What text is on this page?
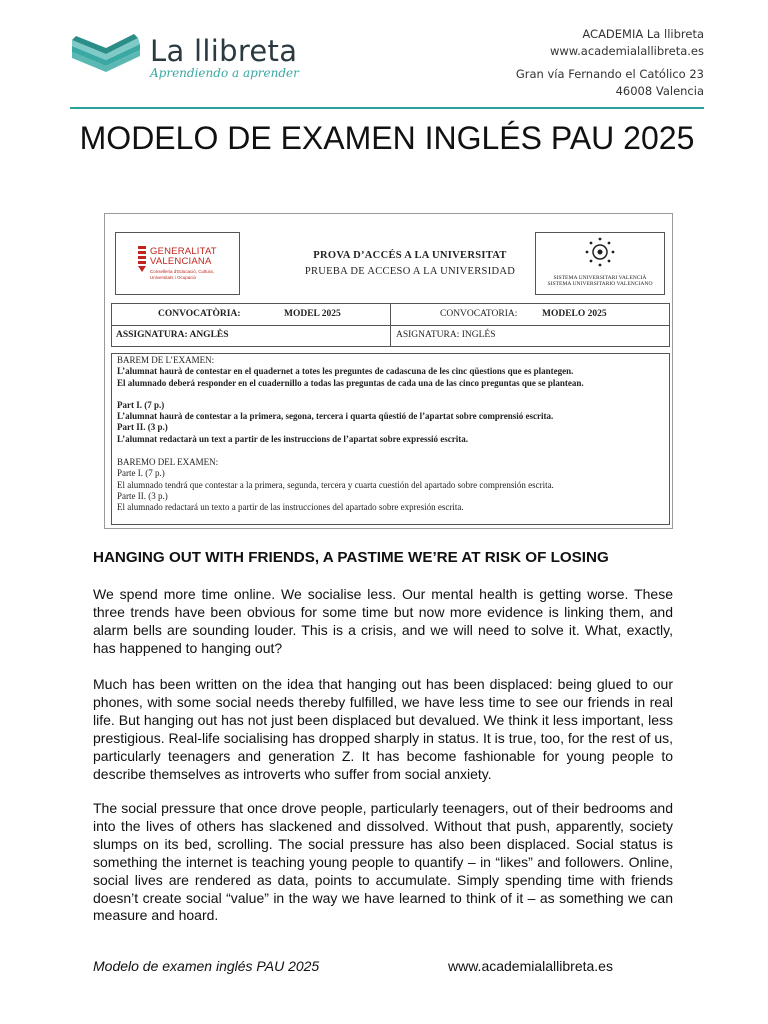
La llibreta
Aprendiendo a aprender
ACADEMIA La llibreta
www.academialallibreta.es
Gran vía Fernando el Católico 23
46008 Valencia
MODELO DE EXAMEN INGLÉS PAU 2025
GENERALITAT
VALENCIANA
Conselleria d’Educació, Cultura, Universitats i Ocupació
PROVA D’ACCÉS A LA UNIVERSITAT
PRUEBA DE ACCESO A LA UNIVERSIDAD
SISTEMA UNIVERSITARI VALENCIÀ
SISTEMA UNIVERSITARIO VALENCIANO
CONVOCATÒRIA:	MODEL 2025	CONVOCATORIA:	MODELO 2025
ASSIGNATURA: ANGLÈS	ASIGNATURA: INGLÉS
BAREM DE L’EXAMEN:
L’alumnat haurà de contestar en el quadernet a totes les preguntes de cadascuna de les cinc qüestions que es plantegen.
El alumnado deberá responder en el cuadernillo a todas las preguntas de cada una de las cinco preguntas que se plantean.
Part I. (7 p.)
L’alumnat haurà de contestar a la primera, segona, tercera i quarta qüestió de l’apartat sobre comprensió escrita.
Part II. (3 p.)
L’alumnat redactarà un text a partir de les instruccions de l’apartat sobre expressió escrita.
BAREMO DEL EXAMEN:
Parte I. (7 p.)
El alumnado tendrá que contestar a la primera, segunda, tercera y cuarta cuestión del apartado sobre comprensión escrita.
Parte II. (3 p.)
El alumnado redactará un texto a partir de las instrucciones del apartado sobre expresión escrita.
HANGING OUT WITH FRIENDS, A PASTIME WE’RE AT RISK OF LOSING

We spend more time online. We socialise less. Our mental health is getting worse. These three trends have been obvious for some time but now more evidence is linking them, and alarm bells are sounding louder. This is a crisis, and we will need to solve it. What, exactly, has happened to hanging out?

Much has been written on the idea that hanging out has been displaced: being glued to our phones, with some social needs thereby fulfilled, we have less time to see our friends in real life. But hanging out has not just been displaced but devalued. We think it less important, less prestigious. Real-life socialising has dropped sharply in status. It is true, too, for the rest of us, particularly teenagers and generation Z. It has become fashionable for young people to describe themselves as introverts who suffer from social anxiety.

The social pressure that once drove people, particularly teenagers, out of their bedrooms and into the lives of others has slackened and dissolved. Without that push, apparently, society slumps on its bed, scrolling. The social pressure has also been displaced. Social status is something the internet is teaching young people to quantify – in “likes” and followers. Online, social lives are rendered as data, points to accumulate. Simply spending time with friends doesn’t create social “value” in the way we have learned to think of it – as something we can measure and hoard.

Modelo de examen inglés PAU 2025	www.academialallibreta.es
